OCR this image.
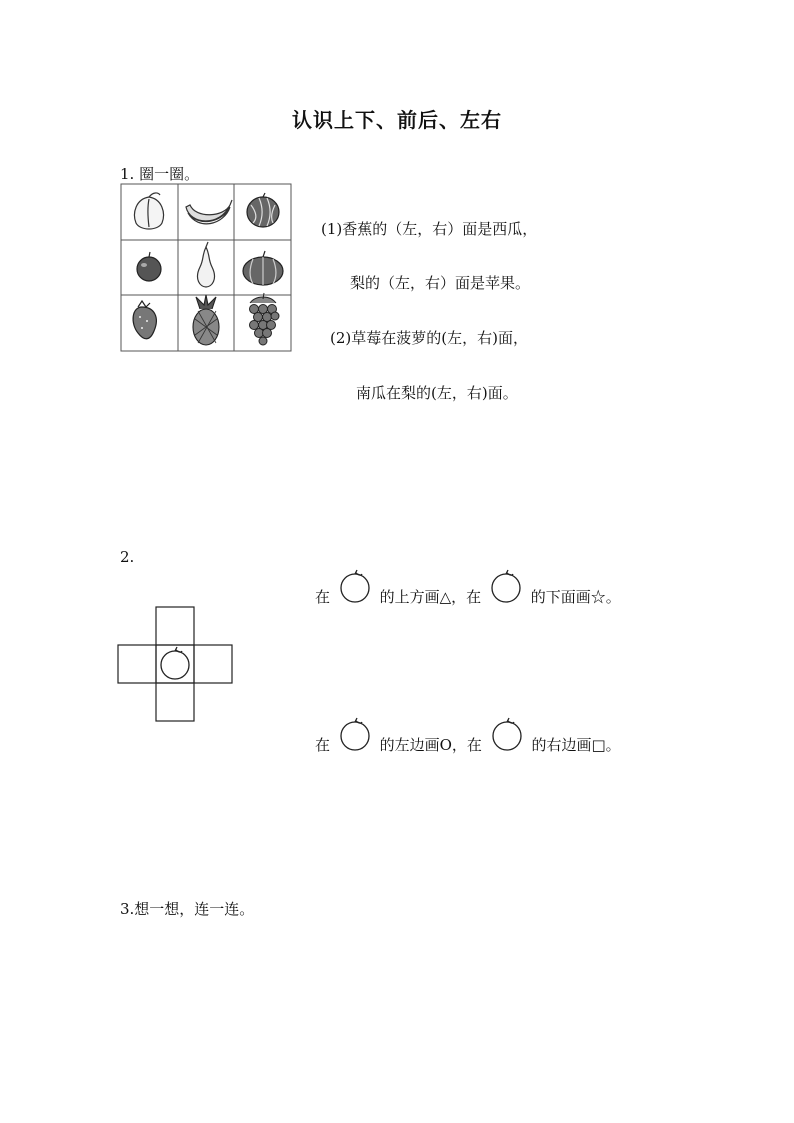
认识上下、前后、左右
1. 圈一圈。
(1)香蕉的（左，右）面是西瓜，
梨的（左，右）面是苹果。
(2)草莓在菠萝的(左，右)面，
南瓜在梨的(左，右)面。
2.
在	的上方画△，在	的下面画☆。
在	的左边画O，在	的右边画□。
3.想一想，连一连。
